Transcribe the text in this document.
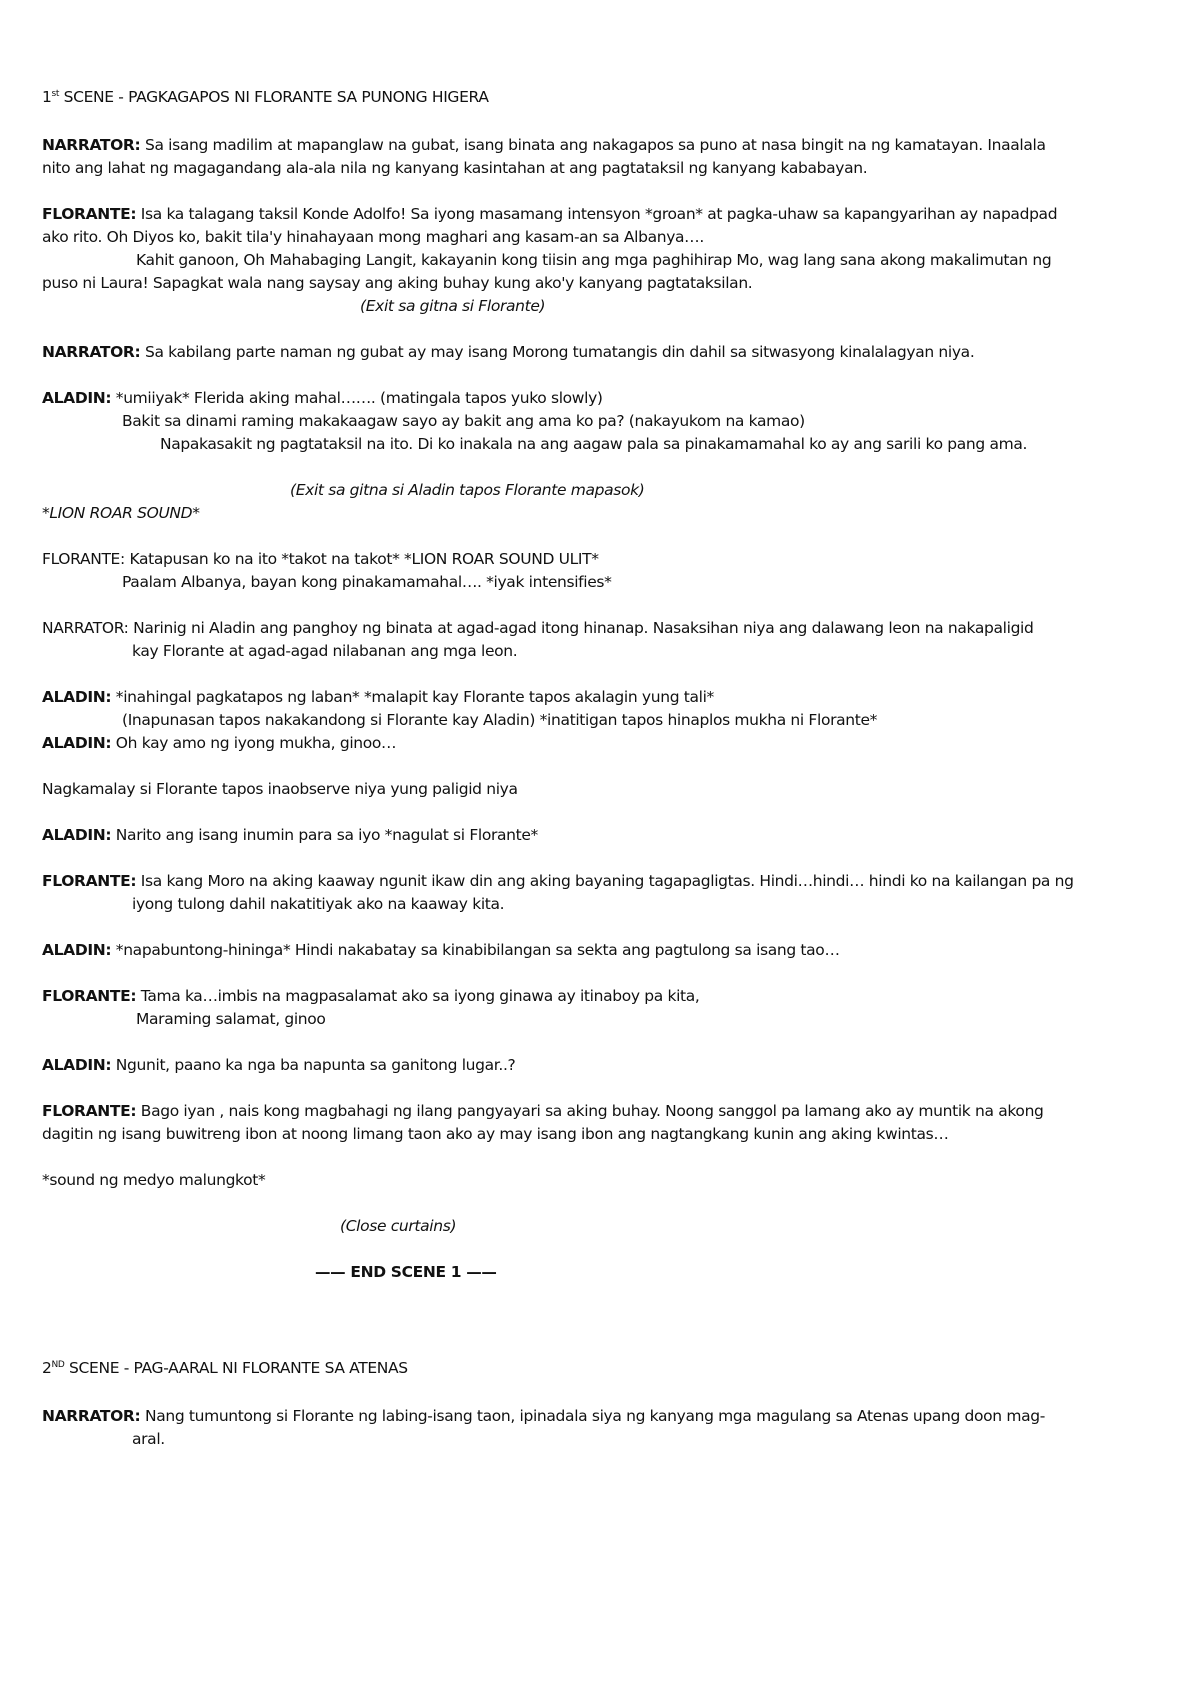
1st SCENE - PAGKAGAPOS NI FLORANTE SA PUNONG HIGERA
NARRATOR: Sa isang madilim at mapanglaw na gubat, isang binata ang nakagapos sa puno at nasa bingit na ng kamatayan. Inaalala
nito ang lahat ng magagandang ala-ala nila ng kanyang kasintahan at ang pagtataksil ng kanyang kababayan.
FLORANTE: Isa ka talagang taksil Konde Adolfo! Sa iyong masamang intensyon *groan* at pagka-uhaw sa kapangyarihan ay napadpad
ako rito. Oh Diyos ko, bakit tila'y hinahayaan mong maghari ang kasam-an sa Albanya….
Kahit ganoon, Oh Mahabaging Langit, kakayanin kong tiisin ang mga paghihirap Mo, wag lang sana akong makalimutan ng
puso ni Laura! Sapagkat wala nang saysay ang aking buhay kung ako'y kanyang pagtataksilan.
(Exit sa gitna si Florante)
NARRATOR: Sa kabilang parte naman ng gubat ay may isang Morong tumatangis din dahil sa sitwasyong kinalalagyan niya.
ALADIN: *umiiyak* Flerida aking mahal……. (matingala tapos yuko slowly)
Bakit sa dinami raming makakaagaw sayo ay bakit ang ama ko pa? (nakayukom na kamao)
Napakasakit ng pagtataksil na ito. Di ko inakala na ang aagaw pala sa pinakamamahal ko ay ang sarili ko pang ama.
(Exit sa gitna si Aladin tapos Florante mapasok)
*LION ROAR SOUND*
FLORANTE: Katapusan ko na ito *takot na takot* *LION ROAR SOUND ULIT*
Paalam Albanya, bayan kong pinakamamahal…. *iyak intensifies*
NARRATOR: Narinig ni Aladin ang panghoy ng binata at agad-agad itong hinanap. Nasaksihan niya ang dalawang leon na nakapaligid
kay Florante at agad-agad nilabanan ang mga leon.
ALADIN: *inahingal pagkatapos ng laban* *malapit kay Florante tapos akalagin yung tali*
(Inapunasan tapos nakakandong si Florante kay Aladin) *inatitigan tapos hinaplos mukha ni Florante*
ALADIN: Oh kay amo ng iyong mukha, ginoo…
Nagkamalay si Florante tapos inaobserve niya yung paligid niya
ALADIN: Narito ang isang inumin para sa iyo *nagulat si Florante*
FLORANTE: Isa kang Moro na aking kaaway ngunit ikaw din ang aking bayaning tagapagligtas. Hindi…hindi… hindi ko na kailangan pa ng
iyong tulong dahil nakatitiyak ako na kaaway kita.
ALADIN: *napabuntong-hininga* Hindi nakabatay sa kinabibilangan sa sekta ang pagtulong sa isang tao…
FLORANTE: Tama ka…imbis na magpasalamat ako sa iyong ginawa ay itinaboy pa kita,
Maraming salamat, ginoo
ALADIN: Ngunit, paano ka nga ba napunta sa ganitong lugar..?
FLORANTE: Bago iyan , nais kong magbahagi ng ilang pangyayari sa aking buhay. Noong sanggol pa lamang ako ay muntik na akong
dagitin ng isang buwitreng ibon at noong limang taon ako ay may isang ibon ang nagtangkang kunin ang aking kwintas…
*sound ng medyo malungkot*
(Close curtains)
—— END SCENE 1 ——
2ND SCENE - PAG-AARAL NI FLORANTE SA ATENAS
NARRATOR: Nang tumuntong si Florante ng labing-isang taon, ipinadala siya ng kanyang mga magulang sa Atenas upang doon mag-
aral.
